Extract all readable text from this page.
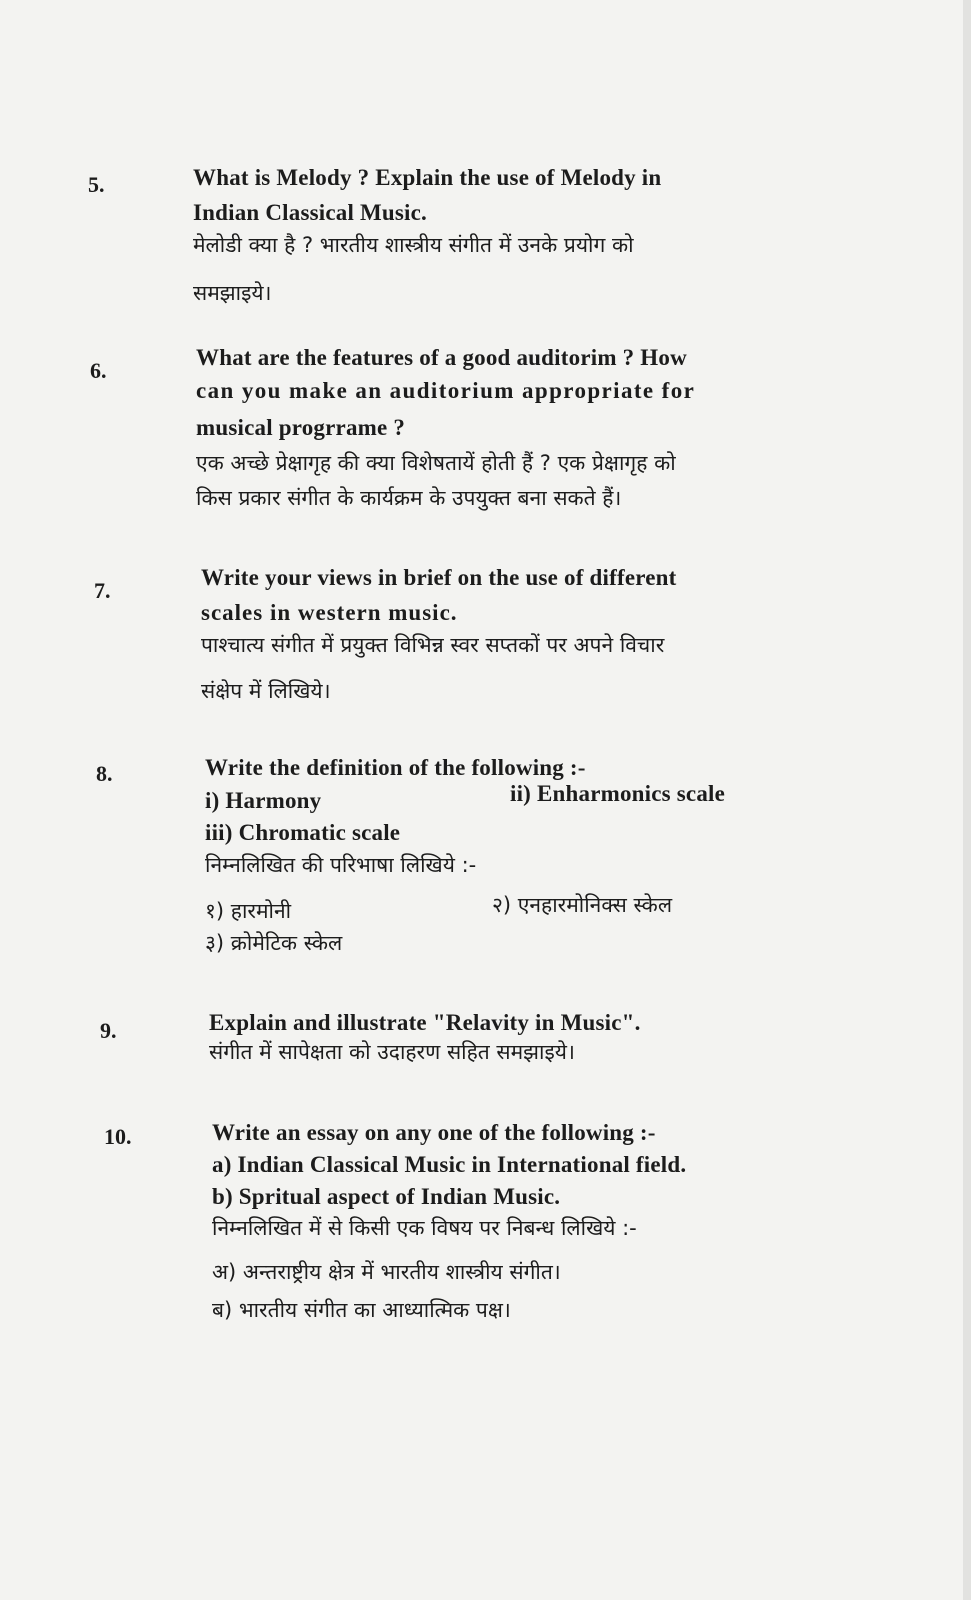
5.	What is Melody ? Explain the use of Melody in
Indian Classical Music.
मेलोडी क्या है ? भारतीय शास्त्रीय संगीत में उनके प्रयोग को
समझाइये।
6.
What are the features of a good auditorim ? How
can you make an auditorium appropriate for
musical progrrame ?
एक अच्छे प्रेक्षागृह की क्या विशेषतायें होती हैं ? एक प्रेक्षागृह को
किस प्रकार संगीत के कार्यक्रम के उपयुक्त बना सकते हैं।
7.
Write your views in brief on the use of different
scales in western music.
पाश्चात्य संगीत में प्रयुक्त विभिन्न स्वर सप्तकों पर अपने विचार
संक्षेप में लिखिये।
8.	Write the definition of the following :-
i) Harmony	ii) Enharmonics scale
iii) Chromatic scale
निम्नलिखित की परिभाषा लिखिये :-
१) हारमोनी	२) एनहारमोनिक्स स्केल
३) क्रोमेटिक स्केल
9.	Explain and illustrate "Relavity in Music".
संगीत में सापेक्षता को उदाहरण सहित समझाइये।
10.	Write an essay on any one of the following :-
a) Indian Classical Music in International field.
b) Spritual aspect of Indian Music.
निम्नलिखित में से किसी एक विषय पर निबन्ध लिखिये :-
अ) अन्तराष्ट्रीय क्षेत्र में भारतीय शास्त्रीय संगीत।
ब) भारतीय संगीत का आध्यात्मिक पक्ष।
